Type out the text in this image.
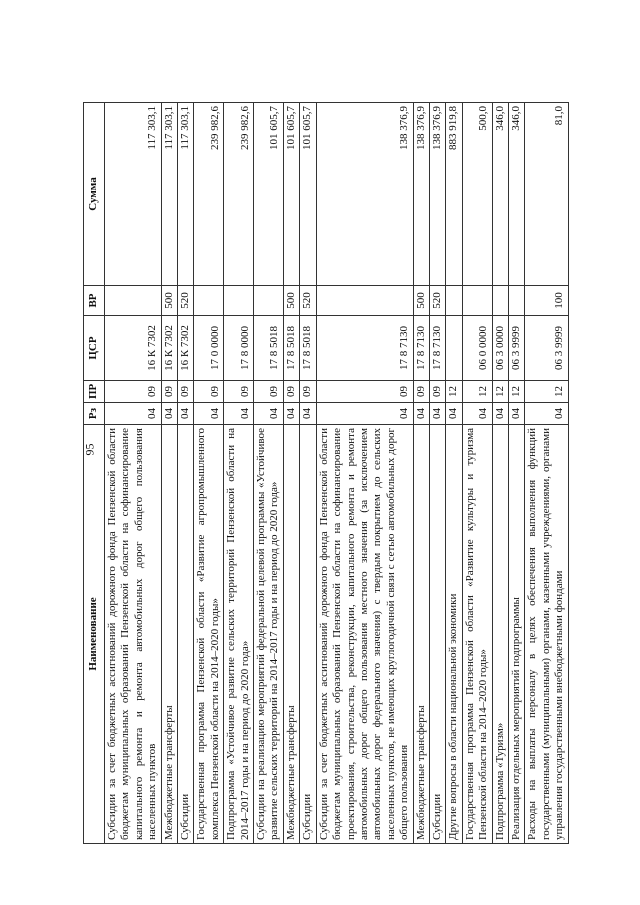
95
Наименование	Рз	ПР	ЦСР	ВР	Сумма
Субсидии за счет бюджетных ассигнований дорожного фонда Пензенской области бюджетам муниципальных образований Пензенской области на софинансирование капитального ремонта и ремонта автомобильных дорог общего пользования населенных пунктов	04	09	16 К 7302		117 303,1
Межбюджетные трансферты	04	09	16 К 7302	500	117 303,1
Субсидии	04	09	16 К 7302	520	117 303,1
Государственная программа Пензенской области «Развитие агропромышленного комплекса Пензенской области на 2014–2020 годы»	04	09	17 0 0000		239 982,6
Подпрограмма «Устойчивое развитие сельских территорий Пензенской области на 2014–2017 годы и на период до 2020 года»	04	09	17 8 0000		239 982,6
Субсидии на реализацию мероприятий федеральной целевой программы «Устойчивое развитие сельских территорий на 2014–2017 годы и на период до 2020 года»	04	09	17 8 5018		101 605,7
Межбюджетные трансферты	04	09	17 8 5018	500	101 605,7
Субсидии	04	09	17 8 5018	520	101 605,7
Субсидии за счет бюджетных ассигнований дорожного фонда Пензенской области бюджетам муниципальных образований Пензенской области на софинансирование проектирования, строительства, реконструкции, капитального ремонта и ремонта автомобильных дорог общего пользования местного значения (за исключением автомобильных дорог федерального значения) с твердым покрытием до сельских населенных пунктов, не имеющих круглогодичной связи с сетью автомобильных дорог общего пользования	04	09	17 8 7130		138 376,9
Межбюджетные трансферты	04	09	17 8 7130	500	138 376,9
Субсидии	04	09	17 8 7130	520	138 376,9
Другие вопросы в области национальной экономики	04	12			883 919,8
Государственная программа Пензенской области «Развитие культуры и туризма Пензенской области на 2014–2020 годы»	04	12	06 0 0000		500,0
Подпрограмма «Туризм»	04	12	06 3 0000		346,0
Реализация отдельных мероприятий подпрограммы	04	12	06 3 9999		346,0
Расходы на выплаты персоналу в целях обеспечения выполнения функций государственными (муниципальными) органами, казенными учреждениями, органами управления государственными внебюджетными фондами	04	12	06 3 9999	100	81,0
